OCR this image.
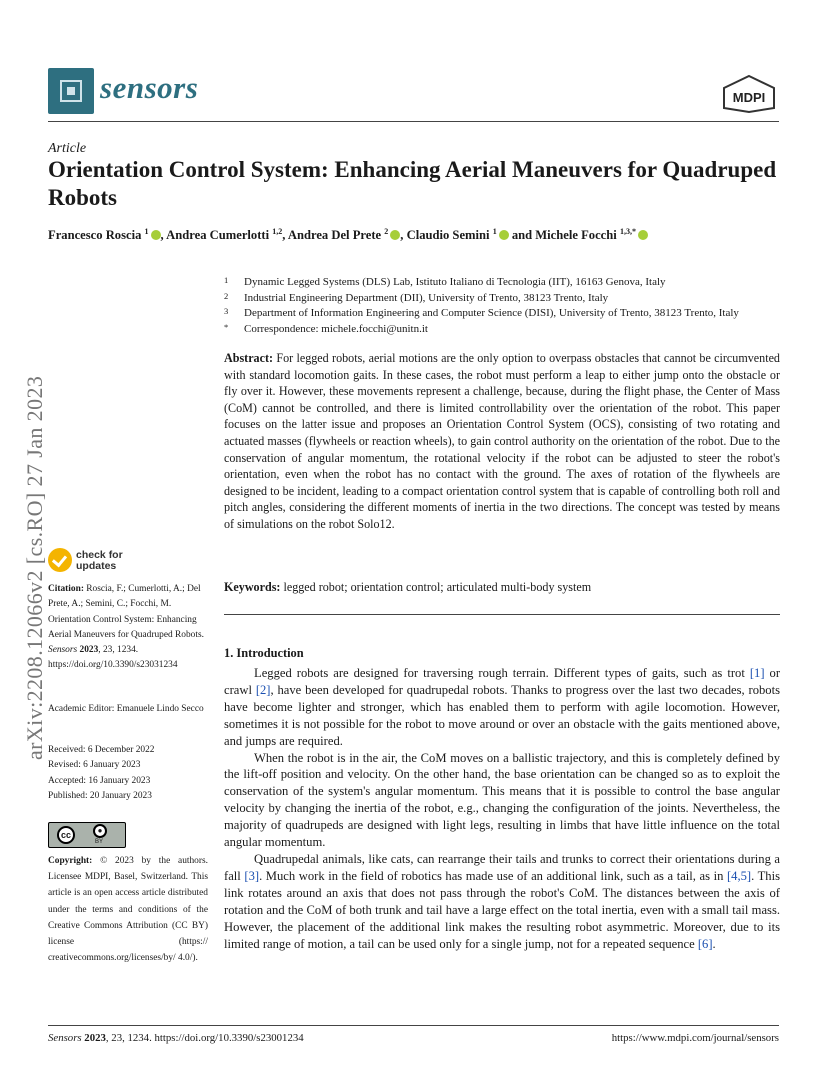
sensors	MDPI
Article
Orientation Control System: Enhancing Aerial Maneuvers for Quadruped Robots
Francesco Roscia $^1$ , Andrea Cumerlotti $^{1,2}$, Andrea Del Prete $^2$ , Claudio Semini $^1$ and Michele Focchi $^{1,3,*}$
1 Dynamic Legged Systems (DLS) Lab, Istituto Italiano di Tecnologia (IIT), 16163 Genova, Italy
2 Industrial Engineering Department (DII), University of Trento, 38123 Trento, Italy
3 Department of Information Engineering and Computer Science (DISI), University of Trento, 38123 Trento, Italy
* Correspondence: michele.focchi@unitn.it
arXiv:2208.12066v2 [cs.RO] 27 Jan 2023
Abstract: For legged robots, aerial motions are the only option to overpass obstacles that cannot be circumvented with standard locomotion gaits. In these cases, the robot must perform a leap to either jump onto the obstacle or fly over it. However, these movements represent a challenge, because, during the flight phase, the Center of Mass (CoM) cannot be controlled, and there is limited controllability over the orientation of the robot. This paper focuses on the latter issue and proposes an Orientation Control System (OCS), consisting of two rotating and actuated masses (flywheels or reaction wheels), to gain control authority on the orientation of the robot. Due to the conservation of angular momentum, the rotational velocity if the robot can be adjusted to steer the robot's orientation, even when the robot has no contact with the ground. The axes of rotation of the flywheels are designed to be incident, leading to a compact orientation control system that is capable of controlling both roll and pitch angles, considering the different moments of inertia in the two directions. The concept was tested by means of simulations on the robot Solo12.
Keywords: legged robot; orientation control; articulated multi-body system
1. Introduction

Legged robots are designed for traversing rough terrain. Different types of gaits, such as trot [1] or crawl [2], have been developed for quadrupedal robots. Thanks to progress over the last two decades, robots have become lighter and stronger, which has enabled them to perform with agile locomotion. However, sometimes it is not possible for the robot to move around or over an obstacle with the gaits mentioned above, and jumps are required.

When the robot is in the air, the CoM moves on a ballistic trajectory, and this is completely defined by the lift-off position and velocity. On the other hand, the base orientation can be changed so as to exploit the conservation of the system's angular momentum. This means that it is possible to control the base angular velocity by changing the inertia of the robot, e.g., changing the configuration of the joints. Nevertheless, the majority of quadrupeds are designed with light legs, resulting in limbs that have little influence on the total angular momentum.

Quadrupedal animals, like cats, can rearrange their tails and trunks to correct their orientations during a fall [3]. Much work in the field of robotics has made use of an additional link, such as a tail, as in [4,5]. This link rotates around an axis that does not pass through the robot's CoM. The distances between the axis of rotation and the CoM of both trunk and tail have a large effect on the total inertia, even with a small tail mass. However, the placement of the additional link makes the resulting robot asymmetric. Moreover, due to its limited range of motion, a tail can be used only for a single jump, not for a repeated sequence [6].

check for
updates
Citation: Roscia, F.; Cumerlotti, A.; Del Prete, A.; Semini, C.; Focchi, M. Orientation Control System: Enhancing Aerial Maneuvers for Quadruped Robots. Sensors 2023, 23, 1234. https://doi.org/10.3390/s23031234
Academic Editor: Emanuele Lindo Secco
Received: 6 December 2022
Revised: 6 January 2023
Accepted: 16 January 2023
Published: 20 January 2023
cc	●
BY
Copyright: © 2023 by the authors. Licensee MDPI, Basel, Switzerland. This article is an open access article distributed under the terms and conditions of the Creative Commons Attribution (CC BY) license (https:// creativecommons.org/licenses/by/ 4.0/).
Sensors 2023, 23, 1234. https://doi.org/10.3390/s23001234	https://www.mdpi.com/journal/sensors
